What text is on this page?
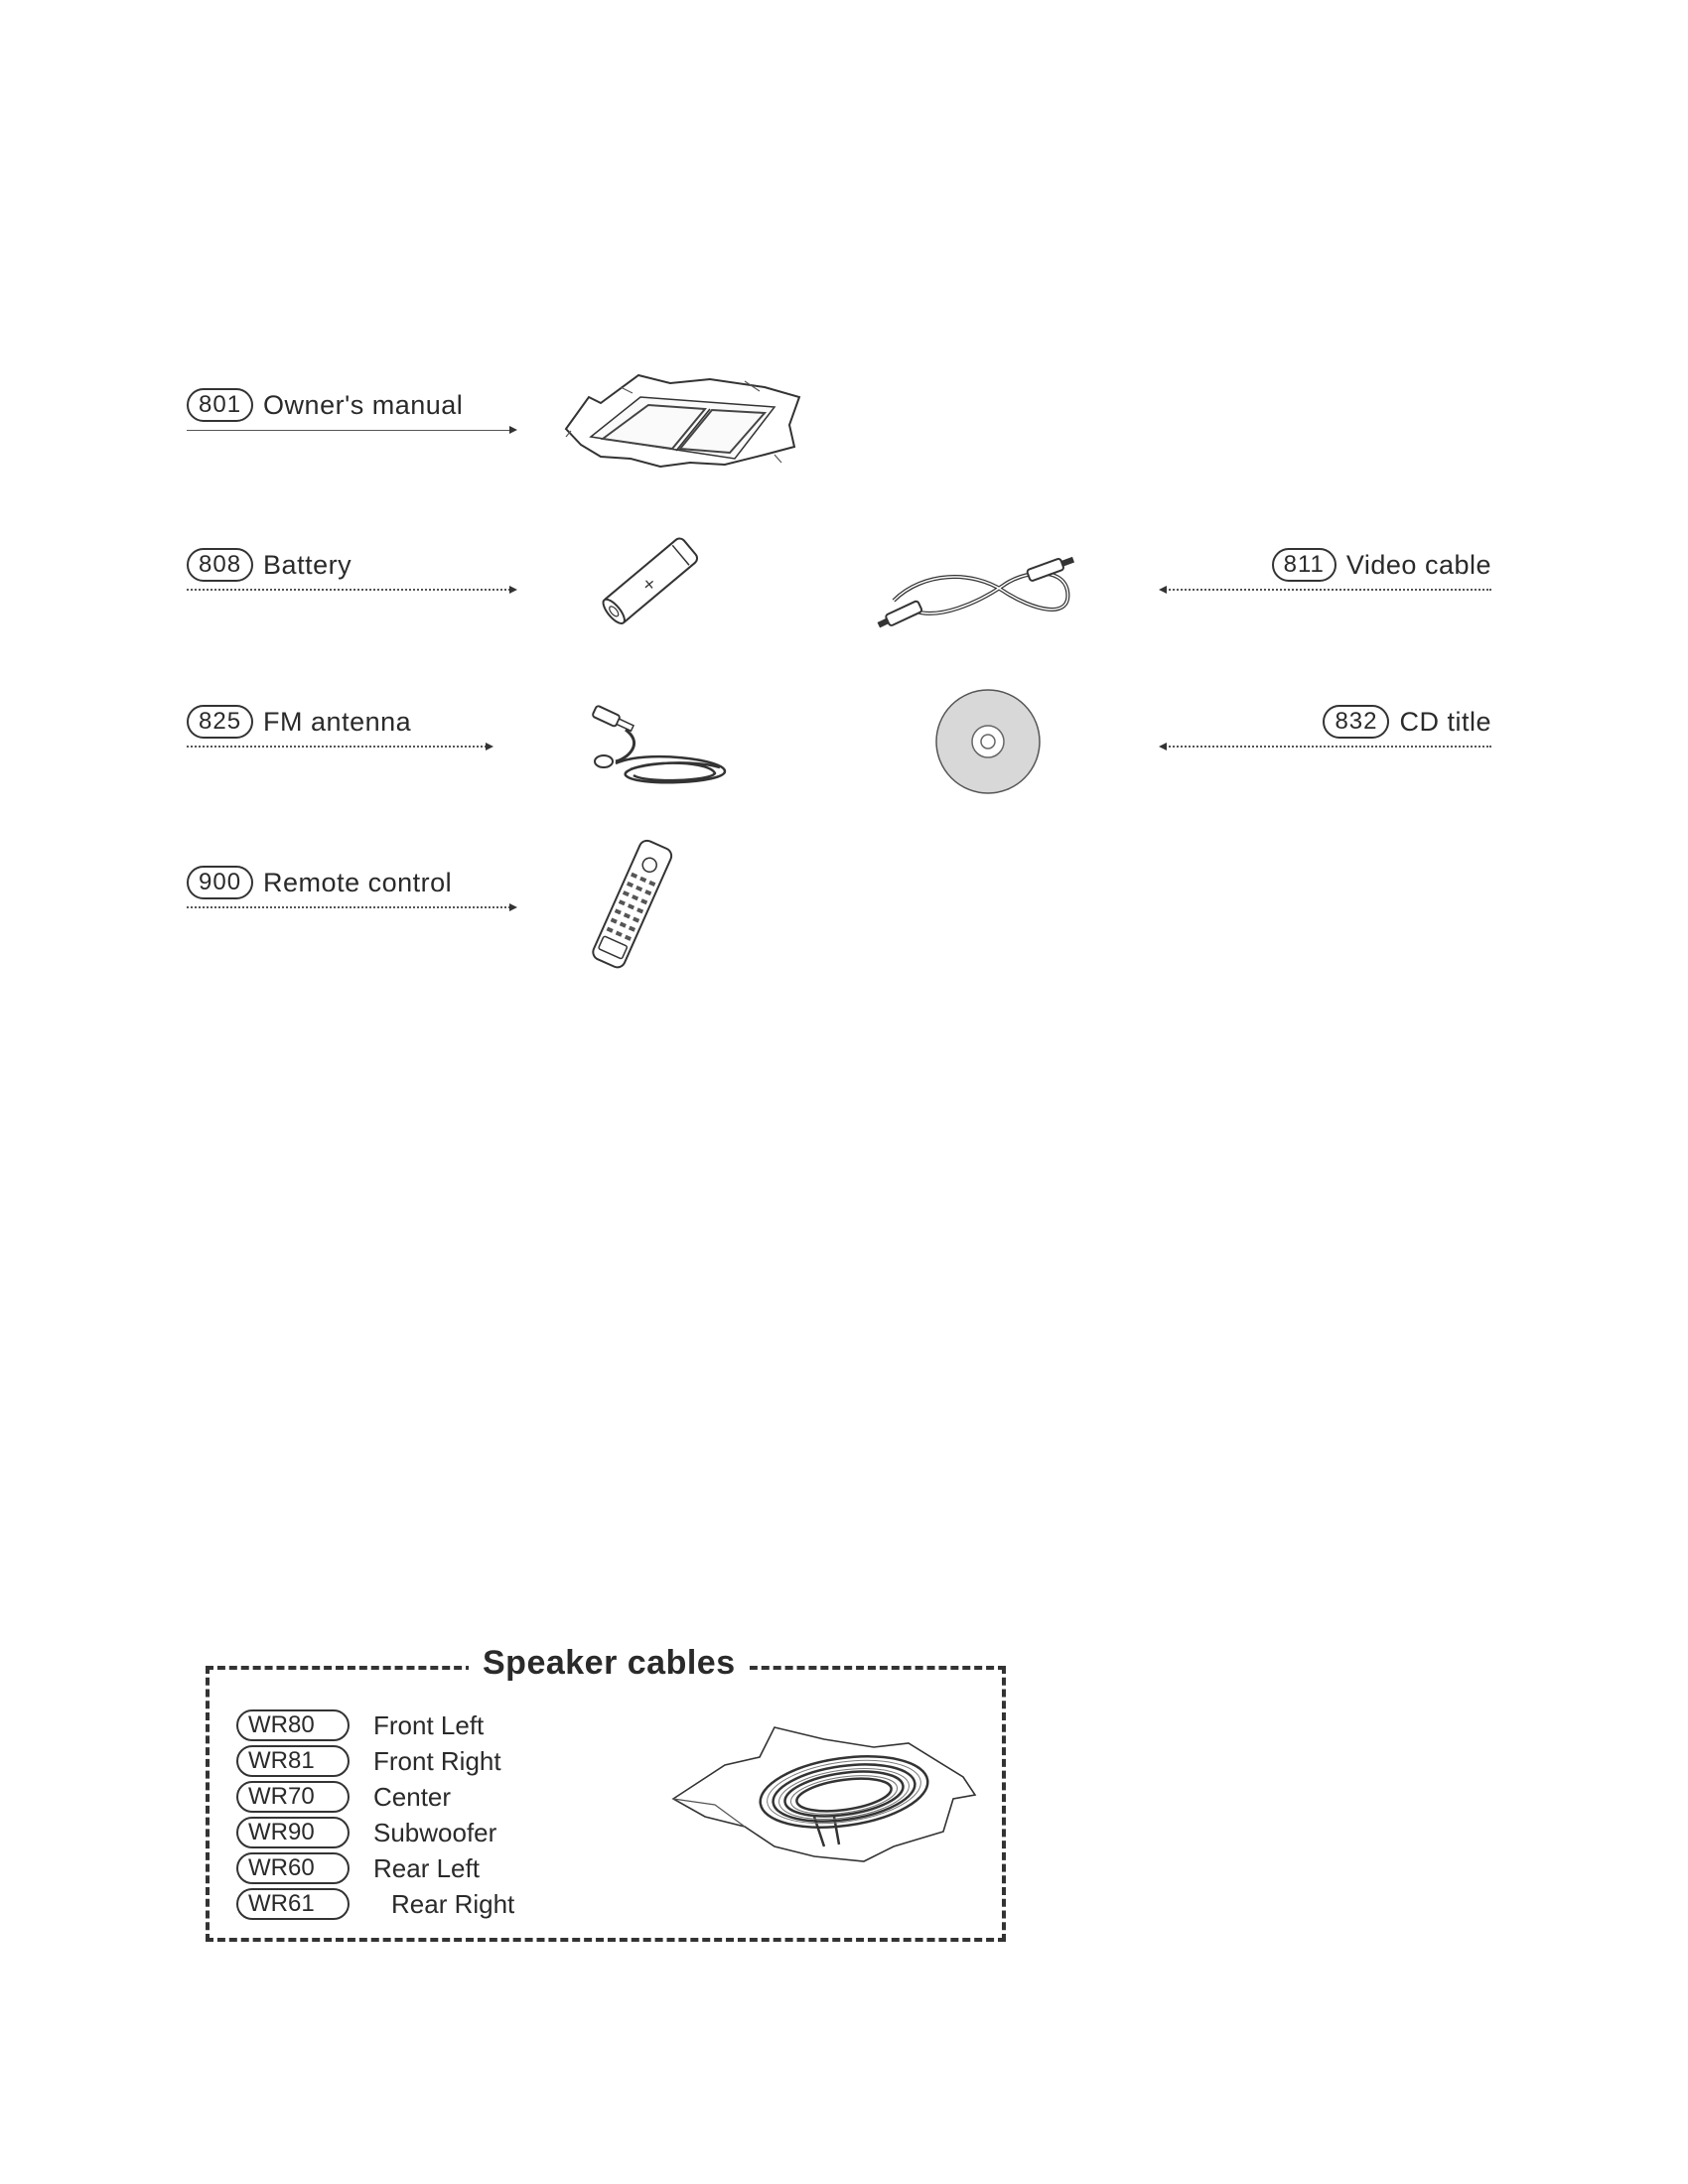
801 Owner's manual
808 Battery
+
811 Video cable
825 FM antenna	832 CD title
900 Remote control
Speaker cables
WR80	Front Left
WR81	Front Right
WR70	Center
WR90	Subwoofer
WR60	Rear Left
WR61	Rear Right
